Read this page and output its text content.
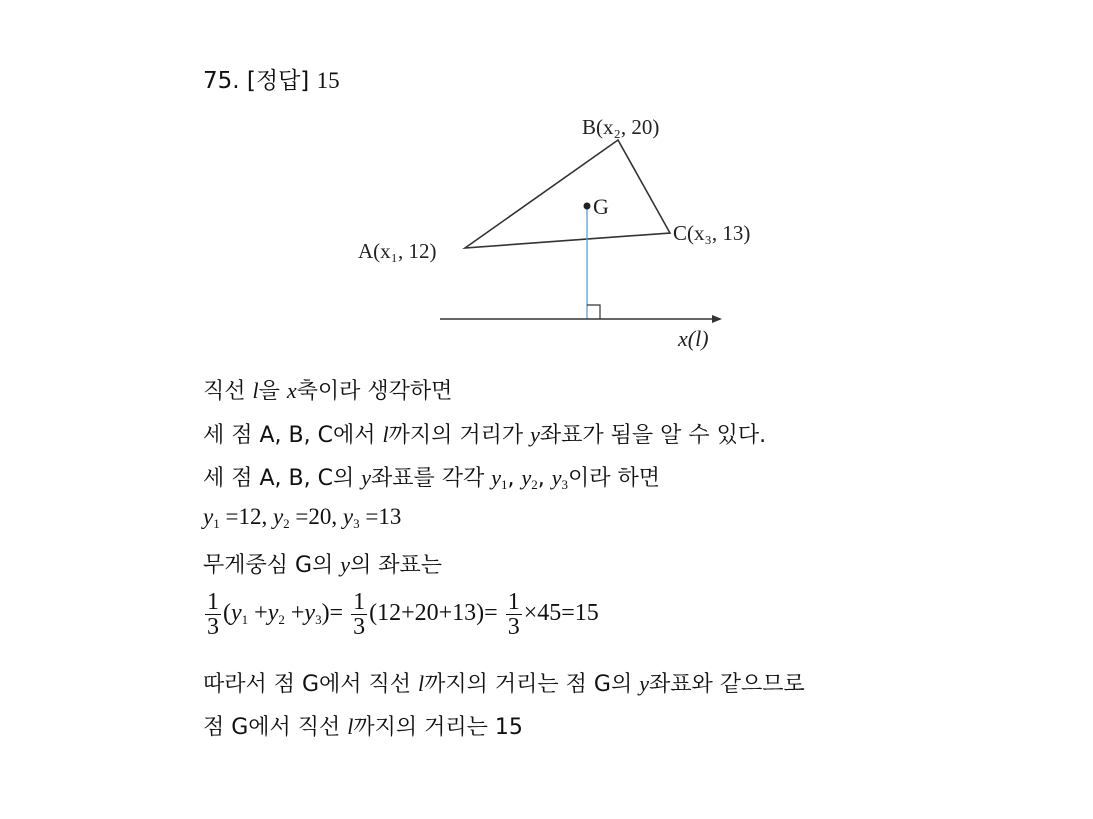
75. [정답] 15
G
A(x₁, 12)
B(x₂, 20)
C(x₃, 13)
x(l)
직선 l을 x축이라 생각하면
세 점 A, B, C에서 l까지의 거리가 y좌표가 됨을 알 수 있다.
세 점 A, B, C의 y좌표를 각각 $y_1$, $y_2$, $y_3$이라 하면
$y_1 =12$, $y_2 =20$, $y_3 =13$
무게중심 G의 y의 좌표는
$\frac{1}{3} (y_1 +y_2 +y_3)= \frac{1}{3} (12+20+13)= \frac{1}{3} \times 45=15$
따라서 점 G에서 직선 l까지의 거리는 점 G의 y좌표와 같으므로
점 G에서 직선 l까지의 거리는 15
